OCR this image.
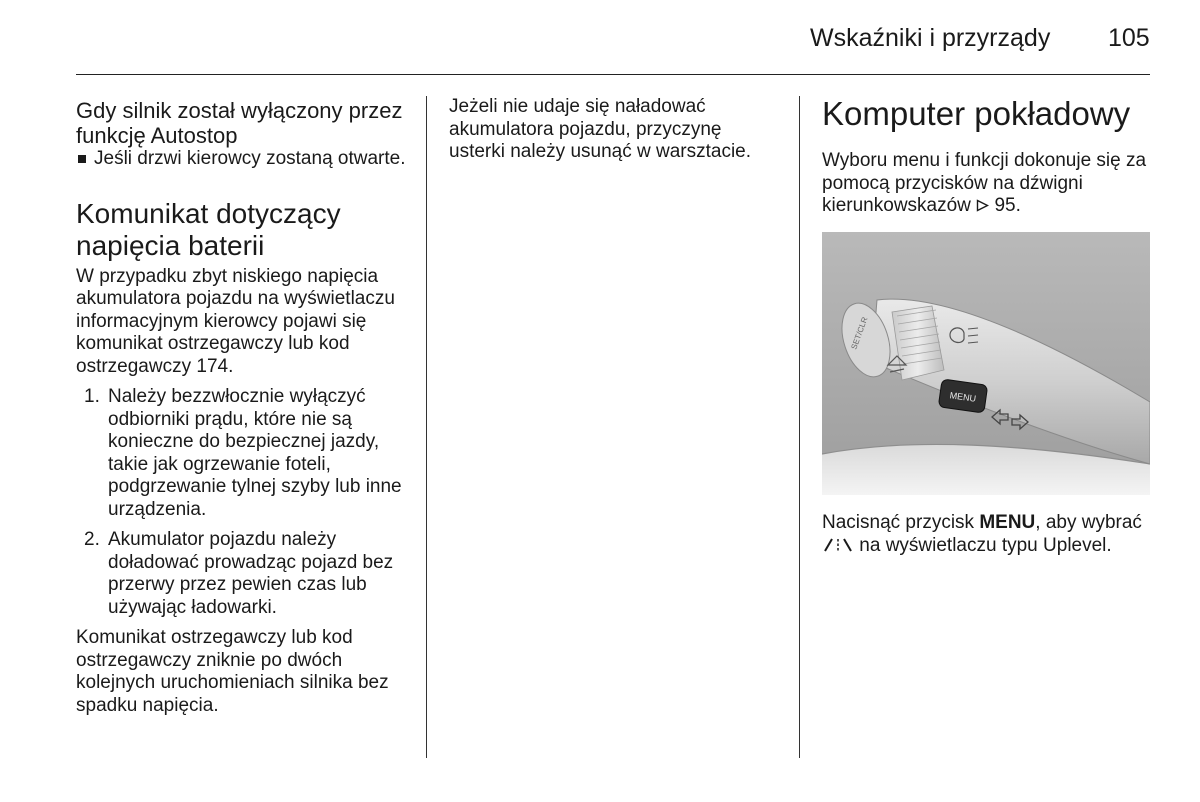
Wskaźniki i przyrządy 105
Gdy silnik został wyłączony przez funkcję Autostop

Jeśli drzwi kierowcy zostaną otwarte.

Komunikat dotyczący napięcia baterii

W przypadku zbyt niskiego napięcia akumulatora pojazdu na wyświetlaczu informacyjnym kierowcy pojawi się komunikat ostrzegawczy lub kod ostrzegawczy 174.

1. Należy bezzwłocznie wyłączyć odbiorniki prądu, które nie są konieczne do bezpiecznej jazdy, takie jak ogrzewanie foteli, podgrzewanie tylnej szyby lub inne urządzenia.
2. Akumulator pojazdu należy doładować prowadząc pojazd bez przerwy przez pewien czas lub używając ładowarki.

Komunikat ostrzegawczy lub kod ostrzegawczy zniknie po dwóch kolejnych uruchomieniach silnika bez spadku napięcia.

Jeżeli nie udaje się naładować akumulatora pojazdu, przyczynę usterki należy usunąć w warsztacie.

Komputer pokładowy

Wyboru menu i funkcji dokonuje się za pomocą przycisków na dźwigni kierunkowskazów 95.

SET/CLR
MENU

Nacisnąć przycisk MENU, aby wybrać  na wyświetlaczu typu Uplevel.
